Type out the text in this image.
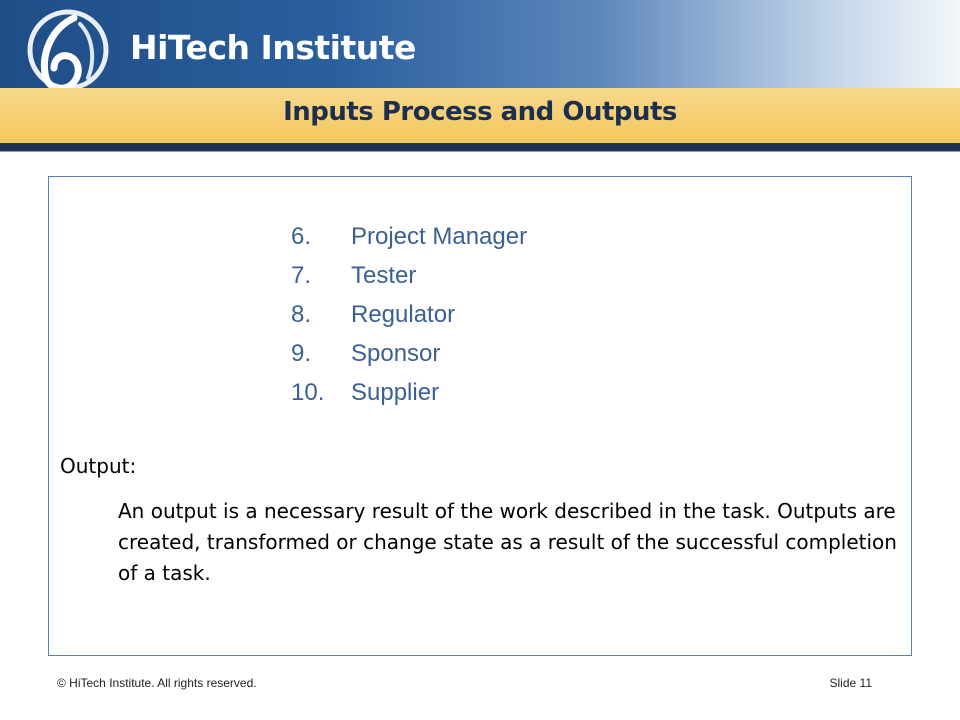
HiTech Institute
Inputs Process and Outputs
6. Project Manager
7. Tester
8. Regulator
9. Sponsor
10. Supplier
Output:
An output is a necessary result of the work described in the task. Outputs are created, transformed or change state as a result of the successful completion of a task.
© HiTech Institute. All rights reserved.	Slide 11
